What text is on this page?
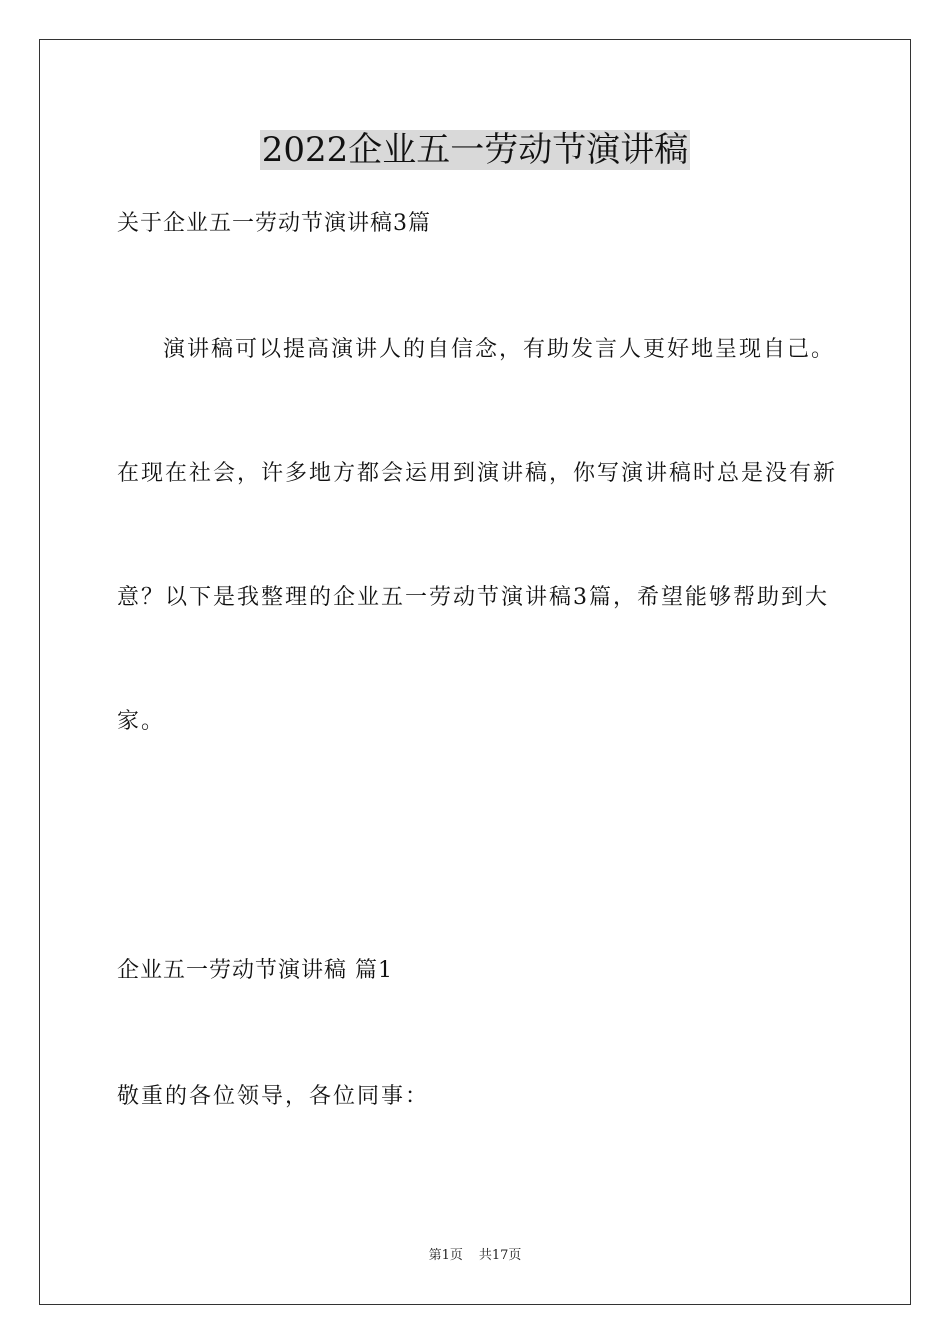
2022企业五一劳动节演讲稿
关于企业五一劳动节演讲稿3篇
演讲稿可以提高演讲人的自信念，有助发言人更好地呈现自己。
在现在社会，许多地方都会运用到演讲稿，你写演讲稿时总是没有新
意？以下是我整理的企业五一劳动节演讲稿3篇，希望能够帮助到大
家。
企业五一劳动节演讲稿 篇1
敬重的各位领导，各位同事：
第1页 共17页
